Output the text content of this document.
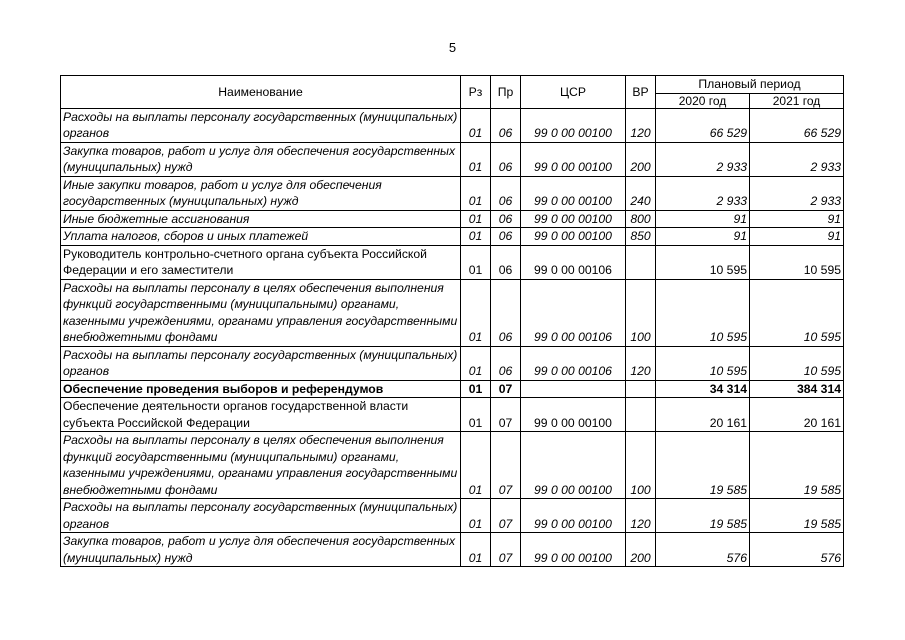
5
Наименование	Рз	Пр	ЦСР	ВР	Плановый период	
					2020 год	2021 год
Расходы на выплаты персоналу государственных (муниципальных) органов	01	06	99 0 00 00100	120	66 529	66 529
Закупка товаров, работ и услуг для обеспечения государственных (муниципальных) нужд	01	06	99 0 00 00100	200	2 933	2 933
Иные закупки товаров, работ и услуг для обеспечения государственных (муниципальных) нужд	01	06	99 0 00 00100	240	2 933	2 933
Иные бюджетные ассигнования	01	06	99 0 00 00100	800	91	91
Уплата налогов, сборов и иных платежей	01	06	99 0 00 00100	850	91	91
Руководитель контрольно-счетного органа субъекта Российской Федерации и его заместители	01	06	99 0 00 00106		10 595	10 595
Расходы на выплаты персоналу в целях обеспечения выполнения функций государственными (муниципальными) органами, казенными учреждениями, органами управления государственными внебюджетными фондами	01	06	99 0 00 00106	100	10 595	10 595
Расходы на выплаты персоналу государственных (муниципальных) органов	01	06	99 0 00 00106	120	10 595	10 595
Обеспечение проведения выборов и референдумов	01	07			34 314	384 314
Обеспечение деятельности органов государственной власти субъекта Российской Федерации	01	07	99 0 00 00100		20 161	20 161
Расходы на выплаты персоналу в целях обеспечения выполнения функций государственными (муниципальными) органами, казенными учреждениями, органами управления государственными внебюджетными фондами	01	07	99 0 00 00100	100	19 585	19 585
Расходы на выплаты персоналу государственных (муниципальных) органов	01	07	99 0 00 00100	120	19 585	19 585
Закупка товаров, работ и услуг для обеспечения государственных (муниципальных) нужд	01	07	99 0 00 00100	200	576	576
